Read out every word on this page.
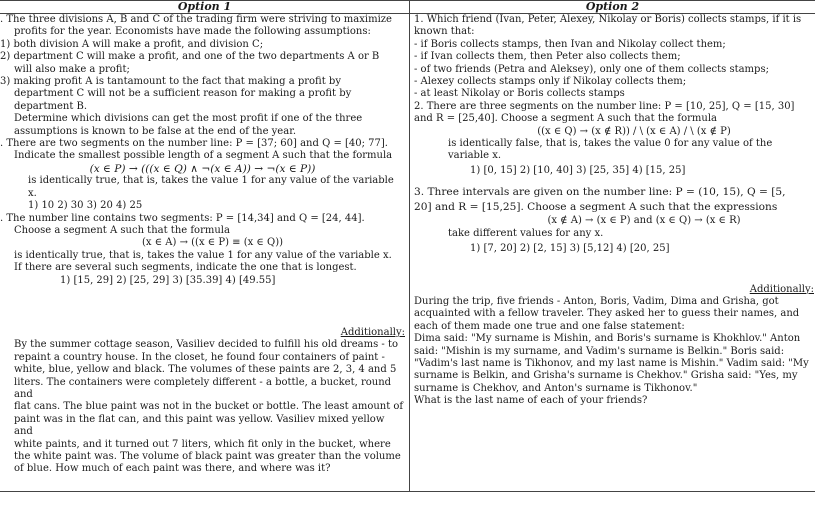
Option 1	Option 2

. The three divisions A, B and C of the trading firm were striving to maximize

profits for the year. Economists have made the following assumptions:

1) both division A will make a profit, and division C;

2) department C will make a profit, and one of the two departments A or B

will also make a profit;

3) making profit A is tantamount to the fact that making a profit by

department C will not be a sufficient reason for making a profit by

department B.

Determine which divisions can get the most profit if one of the three

assumptions is known to be false at the end of the year.

. There are two segments on the number line: P = [37; 60] and Q = [40; 77].

Indicate the smallest possible length of a segment A such that the formula

(x ∈ P) → (((x ∈ Q) ∧ ¬(x ∈ A)) → ¬(x ∈ P))

is identically true, that is, takes the value 1 for any value of the variable

x.

1) 10 2) 30 3) 20 4) 25

. The number line contains two segments: P = [14,34] and Q = [24, 44].

Choose a segment A such that the formula

(x ∈ A) → ((x ∈ P) ≡ (x ∈ Q))

is identically true, that is, takes the value 1 for any value of the variable x.

If there are several such segments, indicate the one that is longest.

1) [15, 29] 2) [25, 29] 3) [35.39] 4) [49.55]

Additionally:

By the summer cottage season, Vasiliev decided to fulfill his old dreams - to

repaint a country house. In the closet, he found four containers of paint -

white, blue, yellow and black. The volumes of these paints are 2, 3, 4 and 5

liters. The containers were completely different - a bottle, a bucket, round and

flat cans. The blue paint was not in the bucket or bottle. The least amount of

paint was in the flat can, and this paint was yellow. Vasiliev mixed yellow and

white paints, and it turned out 7 liters, which fit only in the bucket, where

the white paint was. The volume of black paint was greater than the volume

of blue. How much of each paint was there, and where was it?

1. Which friend (Ivan, Peter, Alexey, Nikolay or Boris) collects stamps, if it is

known that:

- if Boris collects stamps, then Ivan and Nikolay collect them;

- if Ivan collects them, then Peter also collects them;

- of two friends (Petra and Alekseу), only one of them collects stamps;

- Alexey collects stamps only if Nikolay collects them;

- at least Nikolay or Boris collects stamps

2. There are three segments on the number line: P = [10, 25], Q = [15, 30]

and R = [25,40]. Choose a segment A such that the formula

((x ∈ Q) → (x ∉ R)) / \ (x ∈ A) / \ (x ∉ P)

is identically false, that is, takes the value 0 for any value of the

variable x.

1) [0, 15] 2) [10, 40] 3) [25, 35] 4) [15, 25]

3. Three intervals are given on the number line: P = (10, 15), Q = [5,

20] and R = [15,25]. Choose a segment A such that the expressions

(x ∉ A) → (x ∈ P) and (x ∈ Q) → (x ∈ R)

take different values for any x.

1) [7, 20] 2) [2, 15] 3) [5,12] 4) [20, 25]

Additionally:

During the trip, five friends - Anton, Boris, Vadim, Dima and Grisha, got

acquainted with a fellow traveler. They asked her to guess their names, and

each of them made one true and one false statement:

Dima said: "My surname is Mishin, and Boris's surname is Khokhlov." Anton

said: "Mishin is my surname, and Vadim's surname is Belkin." Boris said:

"Vadim's last name is Tikhonov, and my last name is Mishin." Vadim said: "My

surname is Belkin, and Grisha's surname is Chekhov." Grisha said: "Yes, my

surname is Chekhov, and Anton's surname is Tikhonov."

What is the last name of each of your friends?
